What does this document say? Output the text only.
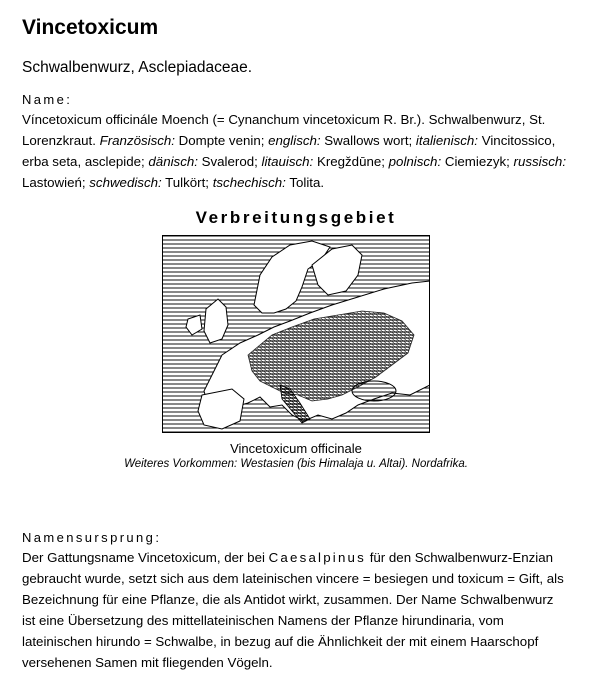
Vincetoxicum
Schwalbenwurz, Asclepiadaceae.
Name:
Víncetoxicum officinále Moench (= Cynanchum vincetoxicum R. Br.). Schwalbenwurz, St. Lorenzkraut. Französisch: Dompte venin; englisch: Swallows wort; italienisch: Vincitossico, erba seta, asclepide; dänisch: Svalerod; litauisch: Kregždūne; polnisch: Ciemiezyk; russisch: Lastowień; schwedisch: Tulkört; tschechisch: Tolita.
Verbreitungsgebiet
Vincetoxicum officinale
Weiteres Vorkommen: Westasien (bis Himalaja u. Altai). Nordafrika.
Namensursprung:
Der Gattungsname Vincetoxicum, der bei Caesalpinus für den Schwalbenwurz-Enzian gebraucht wurde, setzt sich aus dem lateinischen vincere = besiegen und toxicum = Gift, als Bezeichnung für eine Pflanze, die als Antidot wirkt, zusammen. Der Name Schwalbenwurz ist eine Übersetzung des mittellateinischen Namens der Pflanze hirundinaria, vom lateinischen hirundo = Schwalbe, in bezug auf die Ähnlichkeit der mit einem Haarschopf versehenen Samen mit fliegenden Vögeln.
